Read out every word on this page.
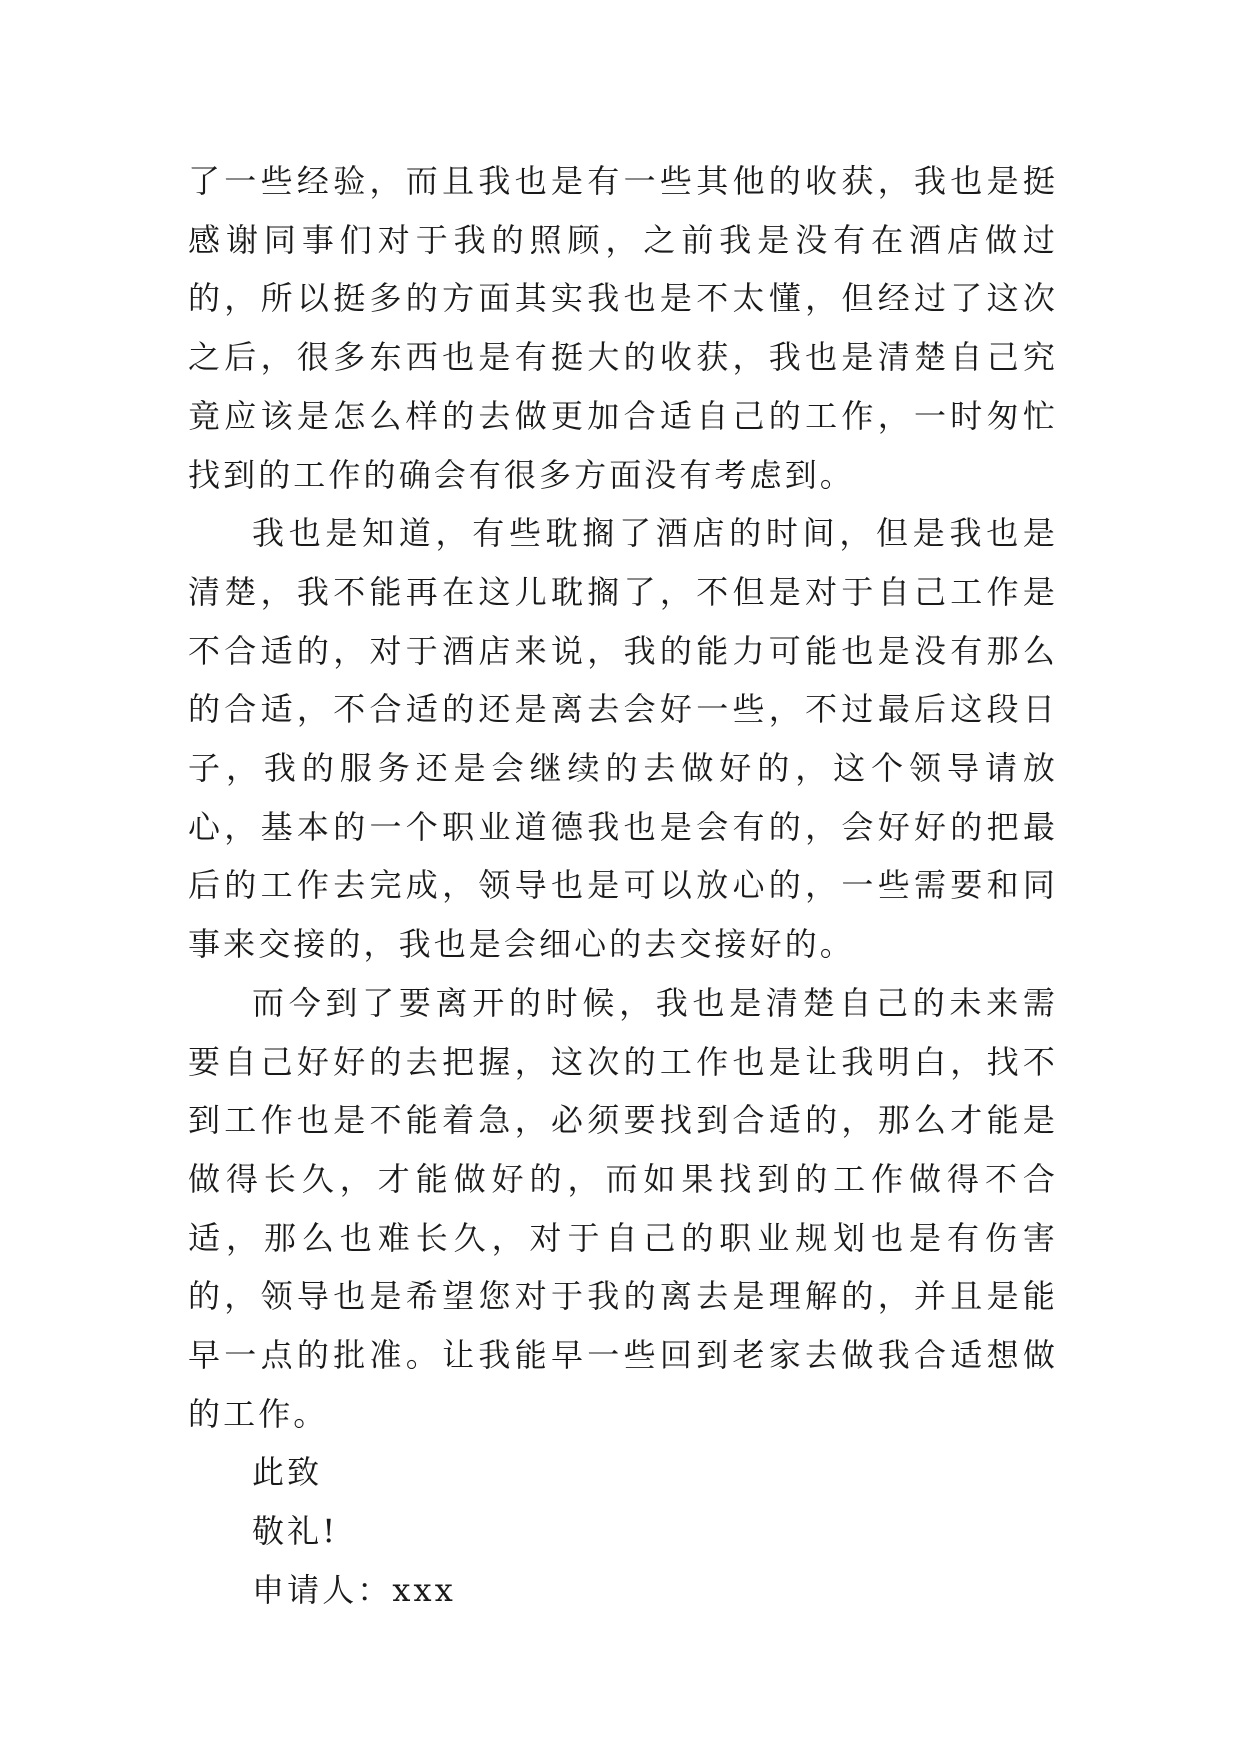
了一些经验，而且我也是有一些其他的收获，我也是挺感谢同事们对于我的照顾，之前我是没有在酒店做过的，所以挺多的方面其实我也是不太懂，但经过了这次之后，很多东西也是有挺大的收获，我也是清楚自己究竟应该是怎么样的去做更加合适自己的工作，一时匆忙找到的工作的确会有很多方面没有考虑到。

我也是知道，有些耽搁了酒店的时间，但是我也是清楚，我不能再在这儿耽搁了，不但是对于自己工作是不合适的，对于酒店来说，我的能力可能也是没有那么的合适，不合适的还是离去会好一些，不过最后这段日子，我的服务还是会继续的去做好的，这个领导请放心，基本的一个职业道德我也是会有的，会好好的把最后的工作去完成，领导也是可以放心的，一些需要和同事来交接的，我也是会细心的去交接好的。

而今到了要离开的时候，我也是清楚自己的未来需要自己好好的去把握，这次的工作也是让我明白，找不到工作也是不能着急，必须要找到合适的，那么才能是做得长久，才能做好的，而如果找到的工作做得不合适，那么也难长久，对于自己的职业规划也是有伤害的，领导也是希望您对于我的离去是理解的，并且是能早一点的批准。让我能早一些回到老家去做我合适想做的工作。

此致

敬礼!

申请人：xxx
